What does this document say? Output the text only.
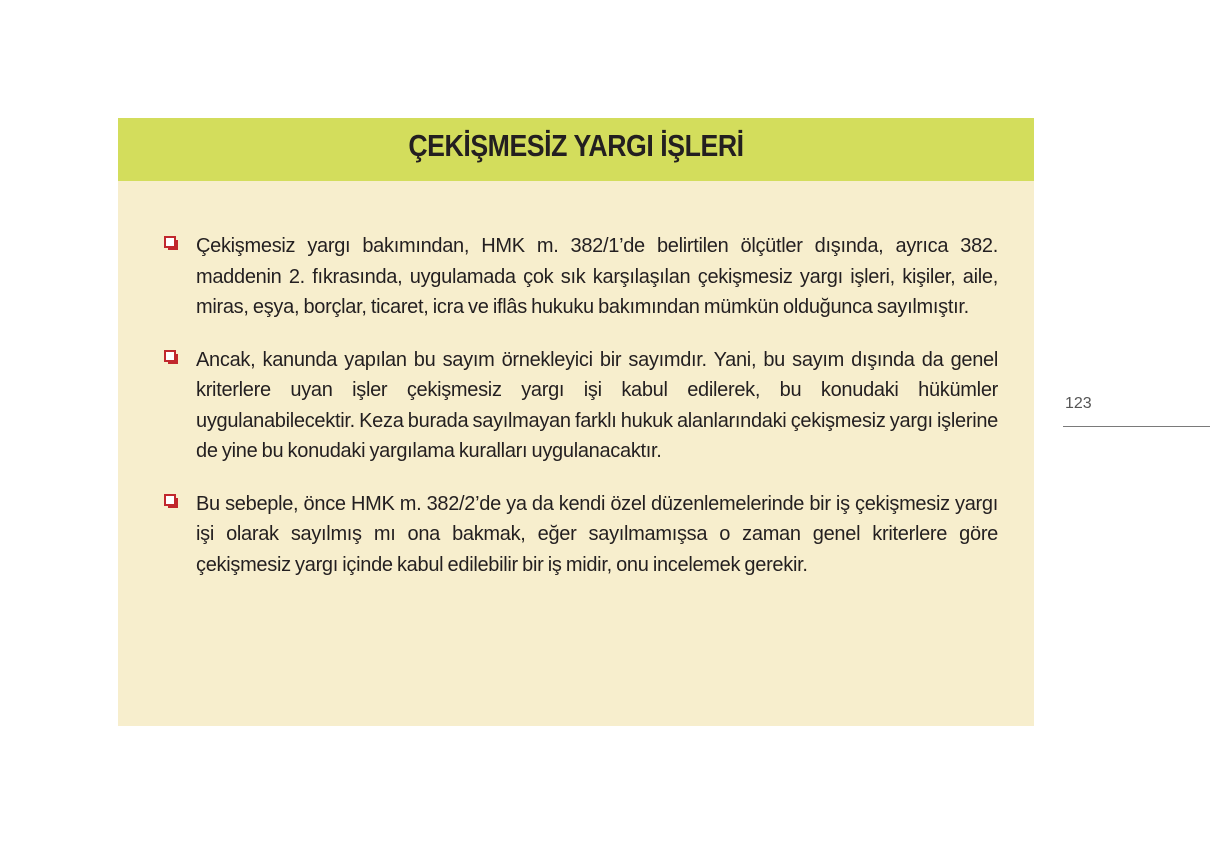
ÇEKİŞMESİZ YARGI İŞLERİ
Çekişmesiz yargı bakımından, HMK m. 382/1’de belirtilen ölçütler dışında, ayrıca 382. maddenin 2. fıkrasında, uygulamada çok sık karşılaşılan çekişmesiz yargı işleri, kişiler, aile, miras, eşya, borçlar, ticaret, icra ve iflâs hukuku bakımından mümkün olduğunca sayılmıştır.
Ancak, kanunda yapılan bu sayım örnekleyici bir sayımdır. Yani, bu sayım dışında da genel kriterlere uyan işler çekişmesiz yargı işi kabul edilerek, bu konudaki hükümler uygulanabilecektir. Keza burada sayılmayan farklı hukuk alanlarındaki çekişmesiz yargı işlerine de yine bu konudaki yargılama kuralları uygulanacaktır.
Bu sebeple, önce HMK m. 382/2’de ya da kendi özel düzenlemelerinde bir iş çekişmesiz yargı işi olarak sayılmış mı ona bakmak, eğer sayılmamışsa o zaman genel kriterlere göre çekişmesiz yargı içinde kabul edilebilir bir iş midir, onu incelemek gerekir.
123
